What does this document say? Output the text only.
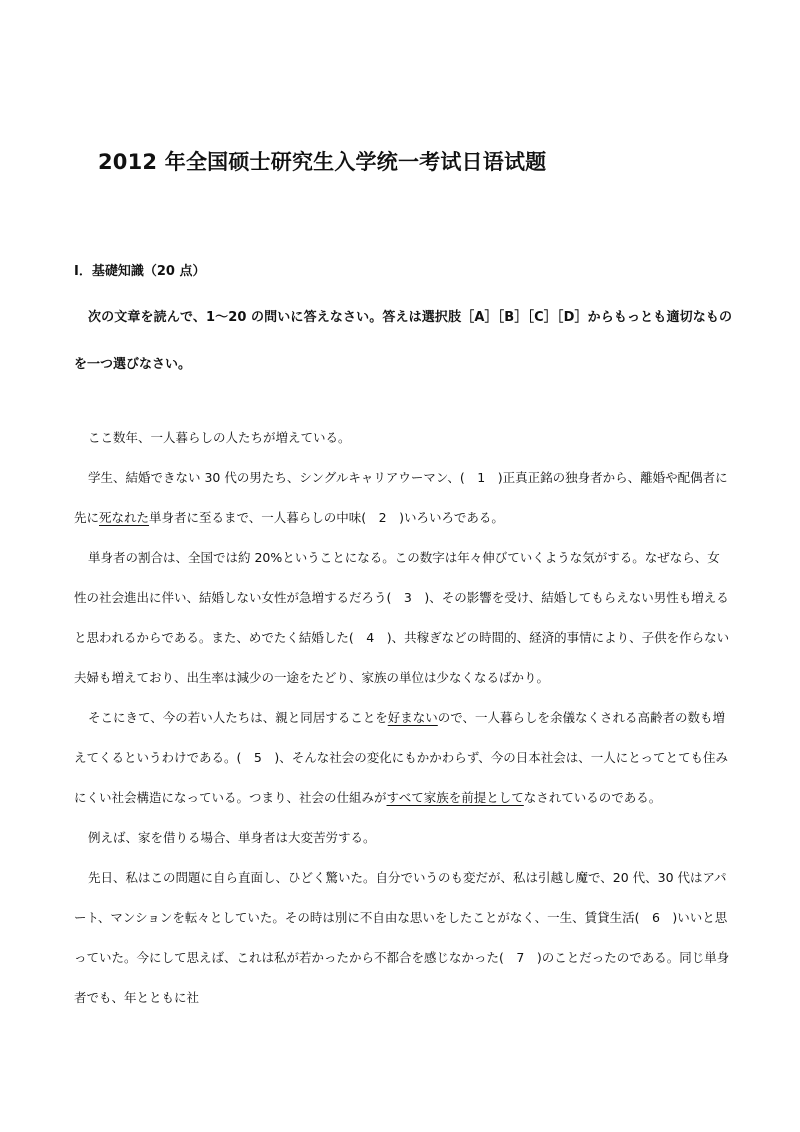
2012 年全国硕士研究生入学统一考试日语试题
Ⅰ．基礎知識（20 点）

次の文章を読んで、1～20 の問いに答えなさい。答えは選択肢［A］［B］［C］［D］からもっとも適切なものを一つ選びなさい。

ここ数年、一人暮らしの人たちが増えている。

学生、結婚できない 30 代の男たち、シングルキャリアウーマン、(　1　)正真正銘の独身者から、離婚や配偶者に先に死なれた単身者に至るまで、一人暮らしの中味(　2　)いろいろである。

単身者の割合は、全国では約 20%ということになる。この数字は年々伸びていくような気がする。なぜなら、女性の社会進出に伴い、結婚しない女性が急増するだろう(　3　)、その影響を受け、結婚してもらえない男性も増えると思われるからである。また、めでたく結婚した(　4　)、共稼ぎなどの時間的、経済的事情により、子供を作らない夫婦も増えており、出生率は減少の一途をたどり、家族の単位は少なくなるばかり。

そこにきて、今の若い人たちは、親と同居することを好まないので、一人暮らしを余儀なくされる高齢者の数も増えてくるというわけである。(　5　)、そんな社会の変化にもかかわらず、今の日本社会は、一人にとってとても住みにくい社会構造になっている。つまり、社会の仕組みがすべて家族を前提としてなされているのである。

例えば、家を借りる場合、単身者は大変苦労する。

先日、私はこの問題に自ら直面し、ひどく驚いた。自分でいうのも変だが、私は引越し魔で、20 代、30 代はアパート、マンションを転々としていた。その時は別に不自由な思いをしたことがなく、一生、賃貸生活(　6　)いいと思っていた。今にして思えば、これは私が若かったから不都合を感じなかった(　7　)のことだったのである。同じ単身者でも、年とともに社
